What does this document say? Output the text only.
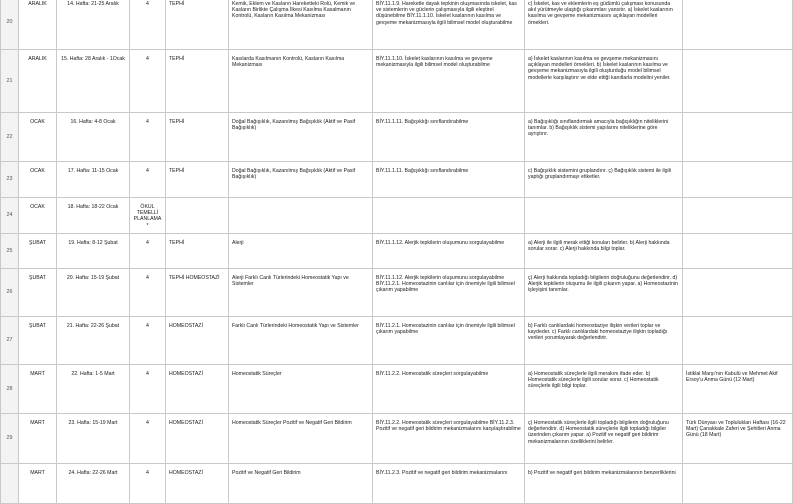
20	ARALIK	14. Hafta: 21-25 Aralık	4	TEPHİ	Kemik, Eklem ve Kasların Hareketteki Rolü, Kemik ve Kasların Birlikte Çalışma İlkesi Kasılma Kasalmanın Kontrolü, Kasların Kasılma Mekanizması	BİY.11.1.9. Hareketle dayak tepkinin oluşmasında iskelet, kas ve sistemlerin ve güclerin çalışmasıyla ilgili eleştirel düşünebilme BİY.11.1.10. İskelet kaslarının kasılma ve gevşeme mekanizmasıyla ilgili bilimsel model oluşturabilme	c) İskelet, kas ve eklemlerin eş güdümlü çalışması konusunda akıl yürütmeyle ulaştığı çıkarımları yansıtır. a) İskelet kaslarının kasılma ve gevşeme mekanizmasını açıklayan modelleri örnekleri.	
21	ARALIK	15. Hafta: 28 Aralık - 1Ocak	4	TEPHİ	Kasılarda Kasılmanın Kontrolü, Kasların Kasılma Mekanizması	BİY.11.1.10. İskelet kaslarının kasılma ve gevşeme mekanizmasıyla ilgili bilimsel model oluşturabilme	a) İskelet kaslarının kasılma ve gevşeme mekanizmasını açıklayan modelleri örnekleri. b) İskelet kaslarının kasılma ve gevşeme mekanizmasıyla ilgili oluşturduğu model bilimsel modellerle karşılaştırır ve elde ettiği kanıtlarla modelini yeniler.	
22	OCAK	16. Hafta: 4-8 Ocak	4	TEPHİ	Doğal Bağışıklık, Kazanılmış Bağışıklık (Aktif ve Pasif Bağışıklık)	BİY.11.1.11. Bağışıklığı sınıflandırabilme	a) Bağışıklığı sınıflandırmak amacıyla bağışıklığın niteliklerini tanımlar. b) Bağışıklık sistemi yapılarını niteliklerine göre ayrıştırır.	
23	OCAK	17. Hafta: 11-15 Ocak	4	TEPHİ	Doğal Bağışıklık, Kazanılmış Bağışıklık (Aktif ve Pasif Bağışıklık)	BİY.11.1.11. Bağışıklığı sınıflandırabilme	c) Bağışıklık sistemini gruplandırır. ç) Bağışıklık sistemi ile ilgili yaptığı gruplandırmayı etiketler.	
24	OCAK	18. Hafta: 18-22 Ocak	ÖKUL TEMELLİ PLANLAMA*					
25	ŞUBAT	19. Hafta: 8-12 Şubat	4	TEPHİ	Alerji	BİY.11.1.12. Alerjik tepkilerin oluşumunu sorgulayabilme	a) Alerji ile ilgili merak ettiği konuları belirler. b) Alerji hakkında sorular sorar. c) Alerji hakkında bilgi toplar.	
26	ŞUBAT	20. Hafta: 15-19 Şubat	4	TEPHİ HOMEOSTAZİ	Alerji Farklı Canlı Türlerindeki Homeostatik Yapı ve Sistemler	BİY.11.1.12. Alerjik tepkilerin oluşumunu sorgulayabilme BİY.11.2.1. Homeostazinin canlılar için önemiyle ilgili bilimsel çıkarım yapabilme	ç) Alerji hakkında topladığı bilgilerin doğruluğunu değerlendirir. d) Alerjik tepkilerin oluşumu ile ilgili çıkarım yapar. a) Homeostazinin işleyişini tanımlar.	
27	ŞUBAT	21. Hafta: 22-26 Şubat	4	HOMEOSTAZİ	Farklı Canlı Türlerindeki Homeostatik Yapı ve Sistemler	BİY.11.2.1. Homeostazinin canlılar için önemiyle ilgili bilimsel çıkarım yapabilme	b) Farklı canlılardaki homeostaziye ilişkin verileri toplar ve kaydeder. c) Farklı canlılardaki homeostaziye ilişkin topladığı verileri yorumlayarak değerlendirir.	
28	MART	22. Hafta: 1-5 Mart	4	HOMEOSTAZİ	Homeostatik Süreçler	BİY.11.2.2. Homeostatik süreçleri sorgulayabilme	a) Homeostatik süreçlerle ilgili merakını ifade eder. b) Homeostatik süreçlerle ilgili sorular sorar. c) Homeostatik süreçlerle ilgili bilgi toplar.	İstiklal Marşı'nın Kabulü ve Mehmet Akif Ersoy'u Anma Günü (12 Mart)
29	MART	23. Hafta: 15-19 Mart	4	HOMEOSTAZİ	Homeostatik Süreçler Pozitif ve Negatif Geri Bildirim	BİY.11.2.2. Homeostatik süreçleri sorgulayabilme BİY.11.2.3. Pozitif ve negatif geri bildirim mekanizmalarını karşılaştırabilme	ç) Homeostatik süreçlerle ilgili topladığı bilgilerin doğruluğunu değerlendirir. d) Homeostatik süreçlerle ilgili topladığı bilgiler üzerinden çıkarım yapar. a) Pozitif ve negatif geri bildirim mekanizmalarının özelliklerini belirler.	Türk Dünyası ve Toplulukları Haftası (16-22 Mart) Çanakkale Zaferi ve Şehitleri Anma Günü (18 Mart)
	MART	24. Hafta: 22-26 Mart	4	HOMEOSTAZİ	Pozitif ve Negatif Geri Bildirim	BİY.11.2.3. Pozitif ve negatif geri bildirim mekanizmalarını	b) Pozitif ve negatif geri bildirim mekanizmalarının benzerliklerini	
